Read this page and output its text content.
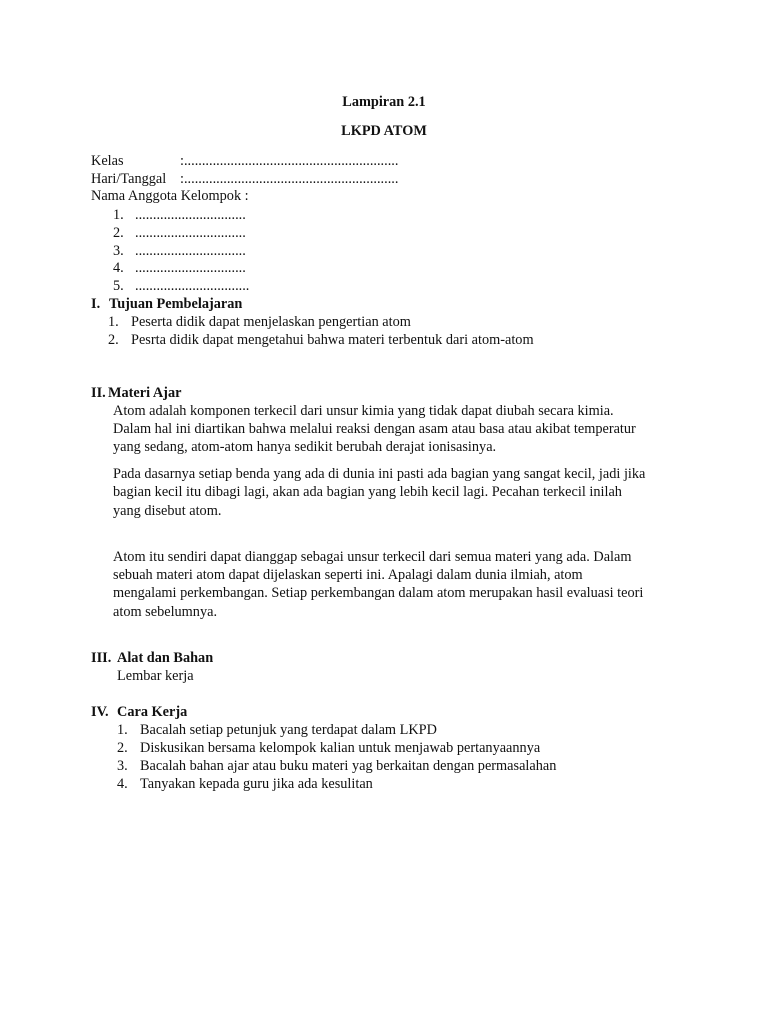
Lampiran 2.1
LKPD ATOM
Kelas	:............................................................
Hari/Tanggal :............................................................
Nama Anggota Kelompok :
1. ...............................
2. ...............................
3. ...............................
4. ...............................
5. ................................
I. Tujuan Pembelajaran
1. Peserta didik dapat menjelaskan pengertian atom
2. Pesrta didik dapat mengetahui bahwa materi terbentuk dari atom-atom
II. Materi Ajar
Atom adalah komponen terkecil dari unsur kimia yang tidak dapat diubah secara kimia.
Dalam hal ini diartikan bahwa melalui reaksi dengan asam atau basa atau akibat temperatur
yang sedang, atom-atom hanya sedikit berubah derajat ionisasinya.
Pada dasarnya setiap benda yang ada di dunia ini pasti ada bagian yang sangat kecil, jadi jika
bagian kecil itu dibagi lagi, akan ada bagian yang lebih kecil lagi. Pecahan terkecil inilah
yang disebut atom.
Atom itu sendiri dapat dianggap sebagai unsur terkecil dari semua materi yang ada. Dalam
sebuah materi atom dapat dijelaskan seperti ini. Apalagi dalam dunia ilmiah, atom
mengalami perkembangan. Setiap perkembangan dalam atom merupakan hasil evaluasi teori
atom sebelumnya.
III. Alat dan Bahan
Lembar kerja
IV. Cara Kerja
1. Bacalah setiap petunjuk yang terdapat dalam LKPD
2. Diskusikan bersama kelompok kalian untuk menjawab pertanyaannya
3. Bacalah bahan ajar atau buku materi yag berkaitan dengan permasalahan
4. Tanyakan kepada guru jika ada kesulitan
